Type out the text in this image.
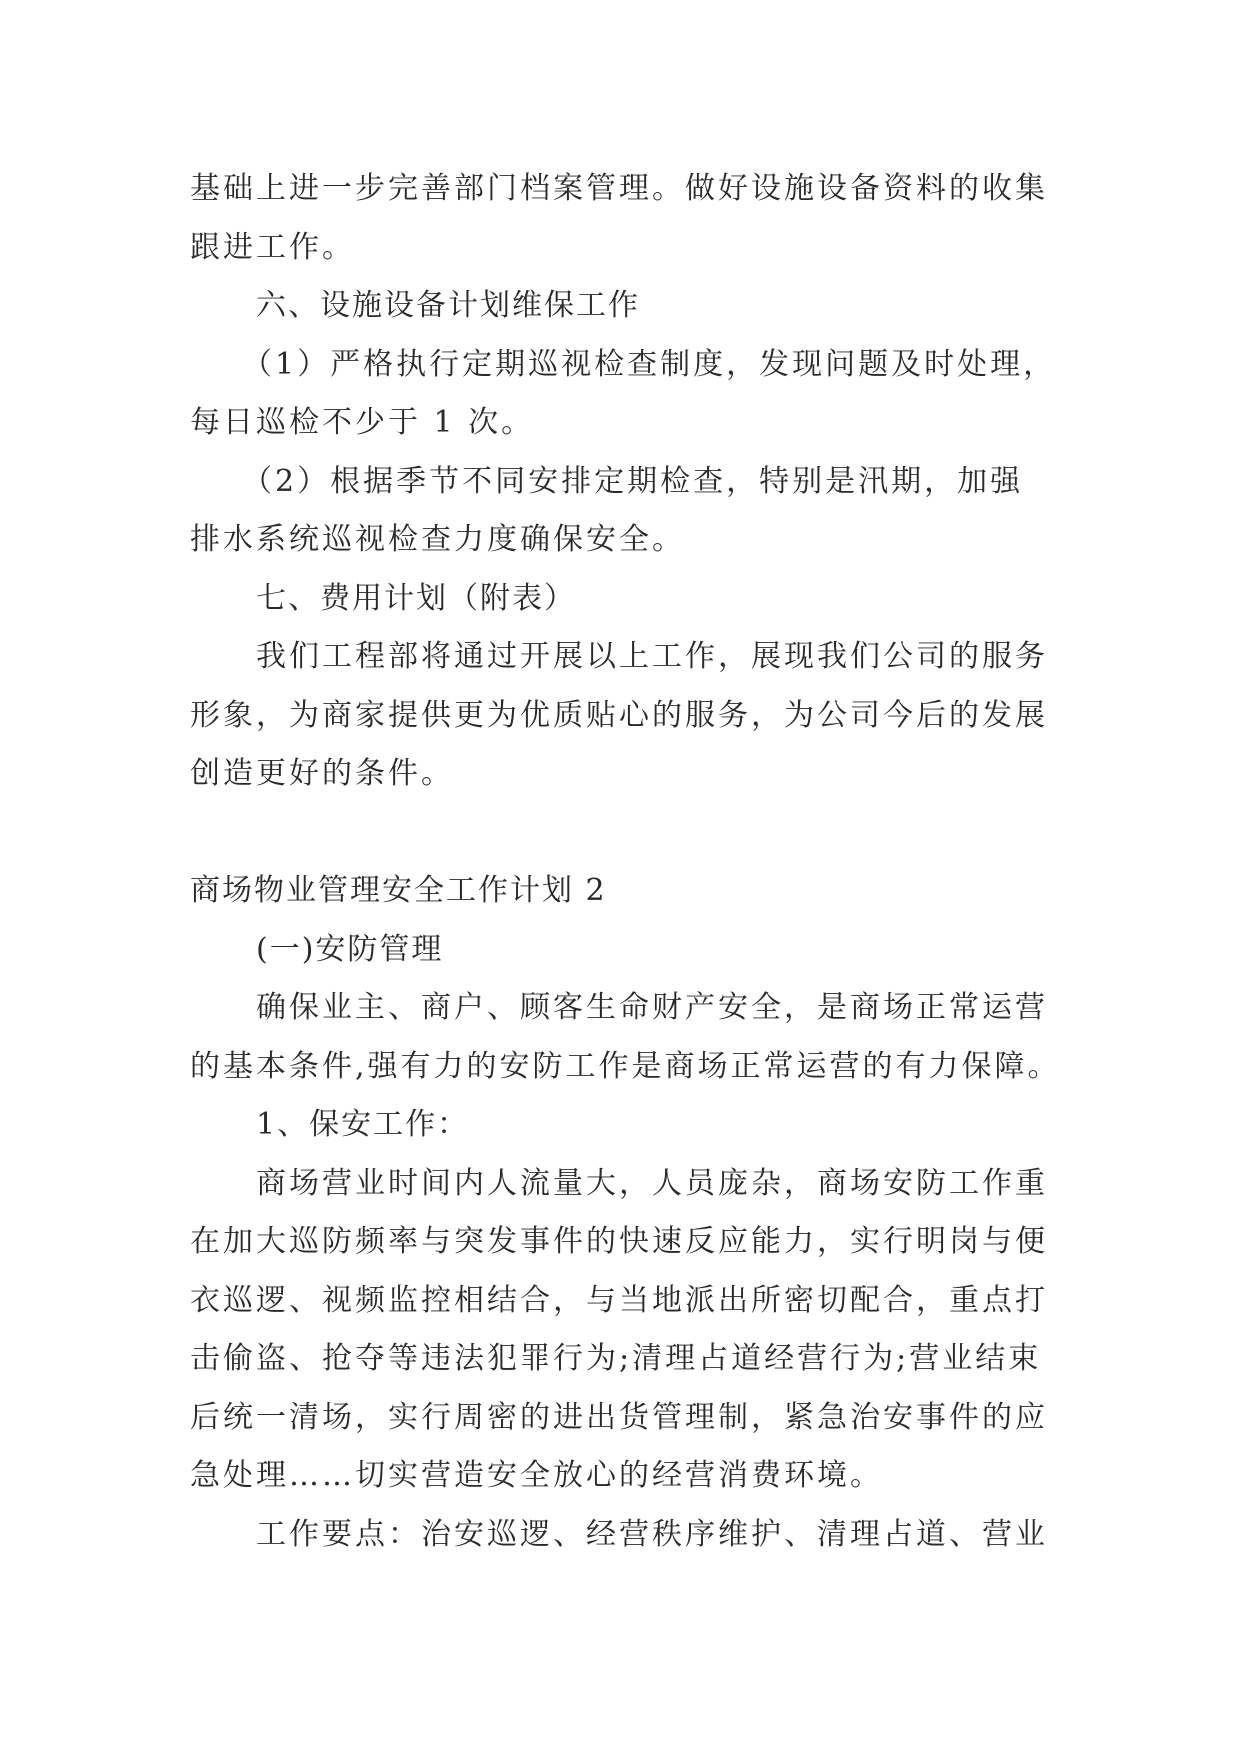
基础上进一步完善部门档案管理。做好设施设备资料的收集
跟进工作。
六、设施设备计划维保工作
（1）严格执行定期巡视检查制度，发现问题及时处理，
每日巡检不少于 1 次。
（2）根据季节不同安排定期检查，特别是汛期，加强
排水系统巡视检查力度确保安全。
七、费用计划（附表）
我们工程部将通过开展以上工作，展现我们公司的服务
形象，为商家提供更为优质贴心的服务，为公司今后的发展
创造更好的条件。
商场物业管理安全工作计划 2
(一)安防管理
确保业主、商户、顾客生命财产安全，是商场正常运营
的基本条件,强有力的安防工作是商场正常运营的有力保障。
1、保安工作：
商场营业时间内人流量大，人员庞杂，商场安防工作重
在加大巡防频率与突发事件的快速反应能力，实行明岗与便
衣巡逻、视频监控相结合，与当地派出所密切配合，重点打
击偷盗、抢夺等违法犯罪行为;清理占道经营行为;营业结束
后统一清场，实行周密的进出货管理制，紧急治安事件的应
急处理……切实营造安全放心的经营消费环境。
工作要点：治安巡逻、经营秩序维护、清理占道、营业
